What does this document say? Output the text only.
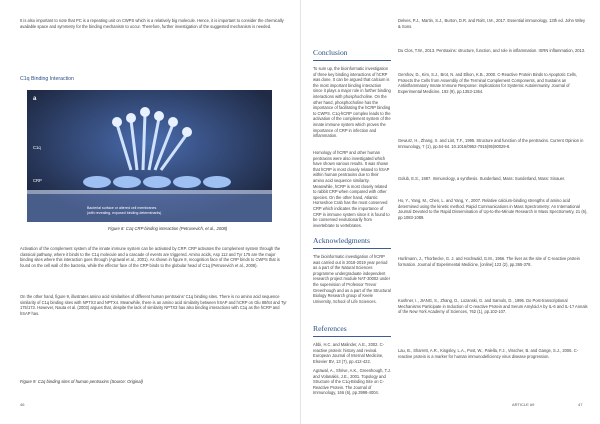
It is also important to note that PC is a repeating unit on CWPS which is a relatively big molecule. Hence, it is important to consider the chemically available space and symmetry for the binding mechanism to occur. Therefore, further investigation of the suggested mechanism is needed.

C1q Binding Interaction

a
C1q
CRP
Bacterial surface or altered cell membranes
(with revealing, exposed binding determinants)

Figure 8: C1q CRP binding interaction (Petrusevich, et al., 2008)

Activation of the complement system of the innate immune system can be activated by CRP. CRP activates the complement system through the classical pathway, where it binds to the C1q molecule and a cascade of events are triggered. Amino acids, Asp 112 and Tyr 175 are the major binding sites where this interaction goes through (Agrawal et al., 2001). As shown in figure 8, recognition face of the CRP binds to CWPS that is found on the cell wall of the bacteria, while the effector face of the CRP binds to the globular head of C1q (Petrusevich et al., 2008).

On the other hand, figure 9, illustrates amino acid similarities of different human pentraxins' C1q binding sites. There is no amino acid sequence similarity of C1q binding sites with NPTX3 and NPTX4. Meanwhile, there is an amino acid similarity between hSAP and hCRP on Glu 88/84 and Tyr 175/173. However, Nauta et al. (2003) argues that, despite the lack of similarity NPTX3 has also binding interactions with C1q as the hCRP and hSAP has.

Figure 9: C1q binding sites of human pentraxins (Source: Original)

46

Conclusion

To sum up, the bioinformatic investigation of three key binding interactions of hCRP was done. It can be argued that calcium is the most important binding interaction since it plays a major role in further binding interactions with phosphocholine. On the other hand, phosphocholine has the importance of facilitating the hCRP binding to CWPS. C1q-hCRP complex leads to the activation of the complement system of the innate immune system which proves the importance of CRP in infection and inflammation.

Homology of hCRP and other human pentraxins were also investigated which have shown various results. It was shown that hCRP is most closely related to hSAP within human pentraxins due to their amino acid sequence similarity. Meanwhile, hCRP is most closely related to rabbit CRP when compared with other species. On the other hand, Atlantic Horseshoe Crab has the most conserved CRP which indicates the importance of CRP in immune system since it is found to be conserved evolutionarily from invertebrate to vertebrates.

Acknowledgments

The bioinformatic investigation of hCRP was carried out in 2018-2019 year period as a part of the Natural Sciences programme undergraduate independent research project module NAT-30002 under the supervision of Professor Trevor Greenhough and as a part of the Structural Biology Research group of Keele University, School of Life Sciences.

References

Abbi, H.C. and Malinder, A.E., 2002. C-reactive protein: history and revival. European Journal of Internal Medicine, Elsevier BV, 13 (7), pp.412-422.

Agrawal, A., Shrive, A.K., Greenhough, T.J. and Volanakis, J.E., 2001. Topology and Structure of the C1q-Binding Site on C-Reactive Protein. The Journal of Immunology, 166 (6), pp.3998-4004.

Delves, P.J., Martin, S.J., Burton, D.R. and Roitt, I.M., 2017. Essential immunology. 13th ed. John Wiley & Sons.

Du Clos, T.W., 2013. Pentraxins: structure, function, and role in inflammation. ISRN inflammation, 2013.

Gershov, D., Kim, S.J., Brot, N. and Elkon, K.B., 2000. C-Reactive Protein Binds to Apoptotic Cells, Protects the Cells from Assembly of the Terminal Complement Components, and Sustains an Antiinflammatory Innate Immune Response: implications for Systemic Autoimmunity. Journal of Experimental Medicine, 192 (9), pp.1353-1364.

Gewurz, H., Zhang, X. and Lint, T.F., 1995. Structure and function of the pentraxins. Current Opinion in Immunology, 7 (1), pp.54-64. 10.1016/0952-7915(95)80029-8.

Golub, E.S., 1987. Immunology, a synthesis. Sunderland, Mass: Sunderland, Mass: Sinauer.

Ho, Y., Yang, M., Chen, L. and Yang, Y., 2007. Relative calcium-binding strengths of amino acid determined using the kinetic method. Rapid Communications in Mass Spectrometry: An International Journal Devoted to the Rapid Dissemination of Up-to-the-Minute Research in Mass Spectrometry, 21 (6), pp.1083-1089.

Hurlimann, J., Thorbecke, G. J. and Hochwald, G.M., 1966. The liver as the site of C-reactive protein formation. Journal of Experimental Medicine, [online] 123 (2), pp.365-378.

Kushner, I., JIANG, S., Zhang, D., Lozanski, G. and Samols, D., 1995. Do Post-transcriptional Mechanisms Participate in Induction of C-reactive Protein and Serum Amyloid A by IL-6 and IL-1? Annals of the New York Academy of Sciences, 762 (1), pp.102-107.

Lau, B., Sharrett, A.R., Kingsley, L.A., Post, W., Palella, F.J., Visscher, B. and Gange, S.J., 2006. C-reactive protein is a marker for human immunodeficiency virus disease progression.

ARTICLE #9	47
